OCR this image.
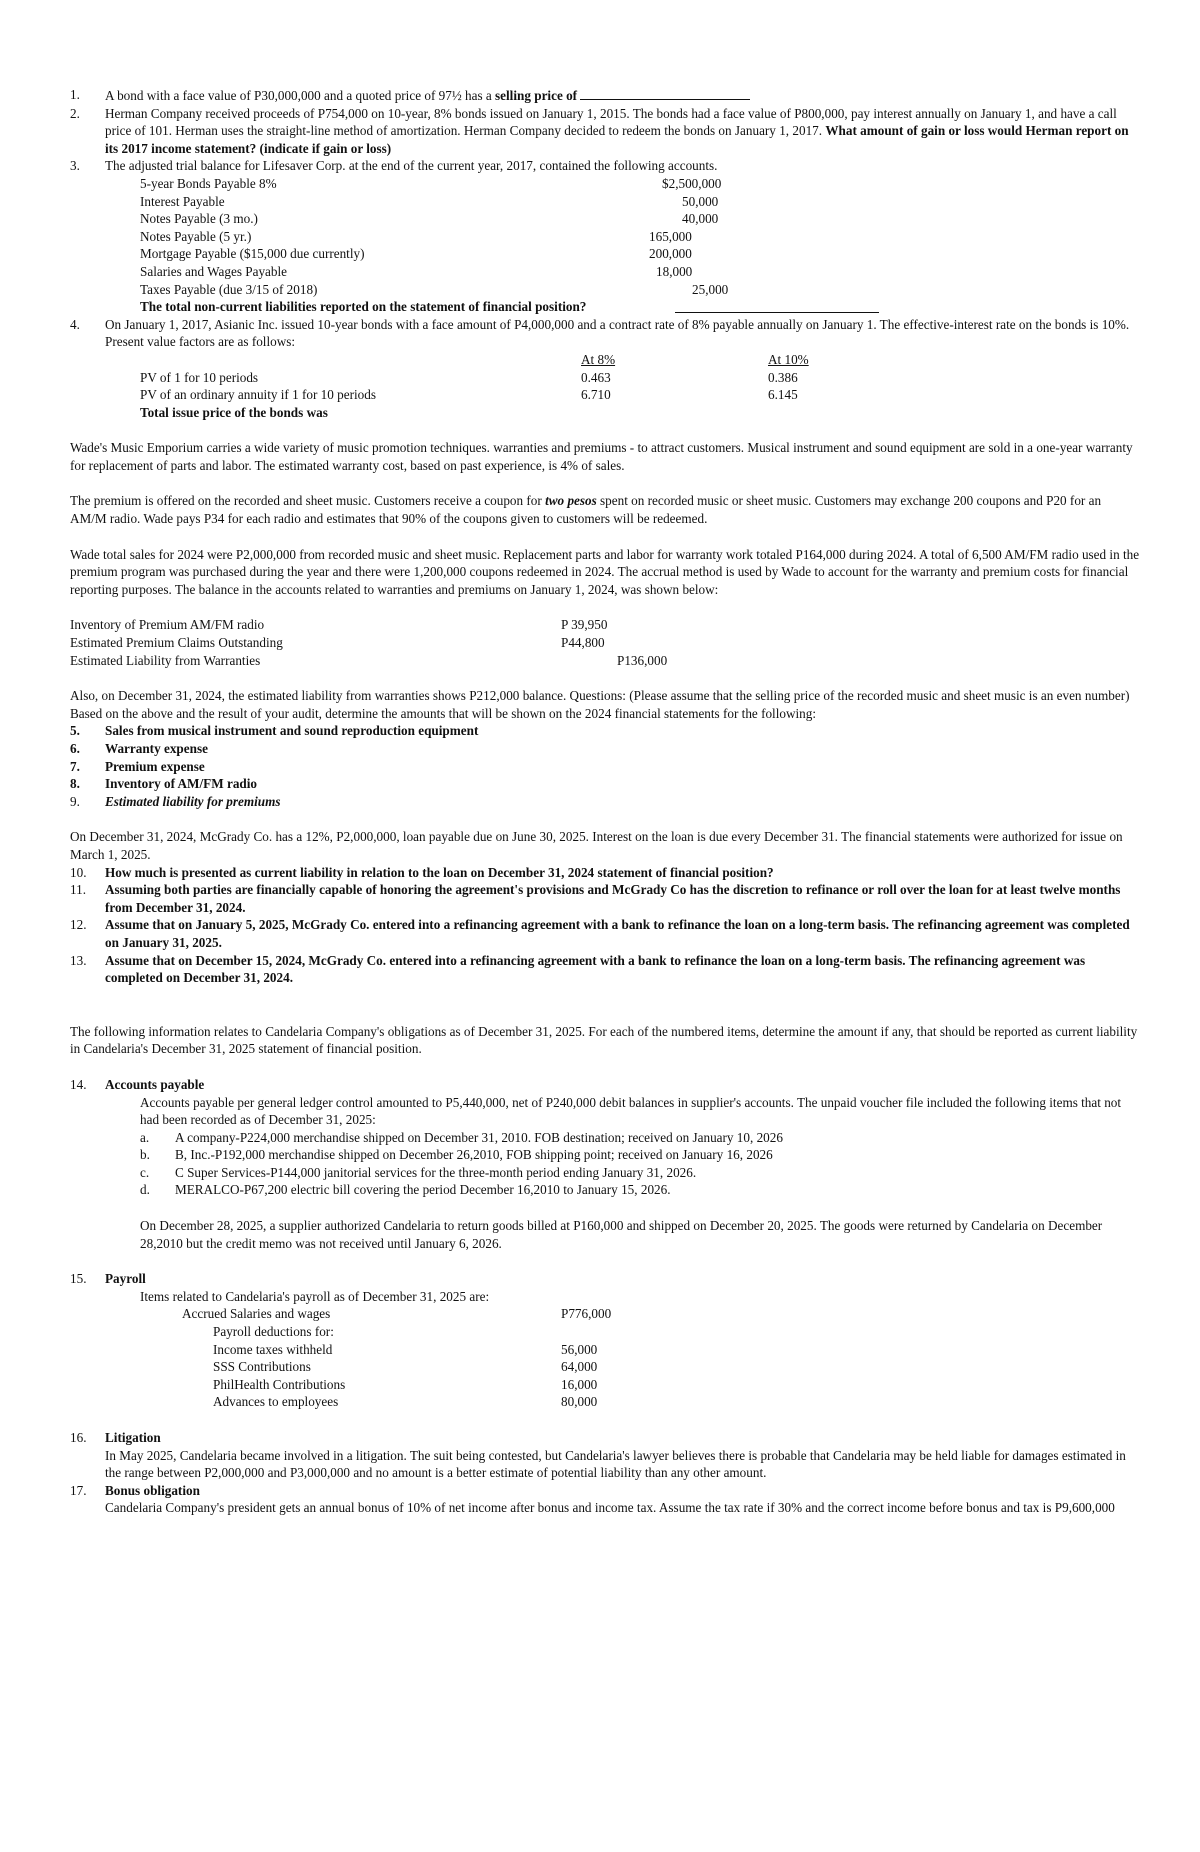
1. A bond with a face value of P30,000,000 and a quoted price of 97½ has a selling price of
2. Herman Company received proceeds of P754,000 on 10-year, 8% bonds issued on January 1, 2015. The bonds had a face value of P800,000, pay interest annually on January 1, and have a call price of 101. Herman uses the straight-line method of amortization. Herman Company decided to redeem the bonds on January 1, 2017. What amount of gain or loss would Herman report on its 2017 income statement? (indicate if gain or loss)
3. The adjusted trial balance for Lifesaver Corp. at the end of the current year, 2017, contained the following accounts.
5-year Bonds Payable 8%	$2,500,000
Interest Payable	50,000
Notes Payable (3 mo.)	40,000
Notes Payable (5 yr.)	165,000
Mortgage Payable ($15,000 due currently)	200,000
Salaries and Wages Payable	18,000
Taxes Payable (due 3/15 of 2018)	25,000
The total non-current liabilities reported on the statement of financial position?
4. On January 1, 2017, Asianic Inc. issued 10-year bonds with a face amount of P4,000,000 and a contract rate of 8% payable annually on January 1. The effective-interest rate on the bonds is 10%. Present value factors are as follows:
At 8%	At 10%
PV of 1 for 10 periods	0.463	0.386
PV of an ordinary annuity if 1 for 10 periods	6.710	6.145
Total issue price of the bonds was
Wade's Music Emporium carries a wide variety of music promotion techniques. warranties and premiums - to attract customers. Musical instrument and sound equipment are sold in a one-year warranty for replacement of parts and labor. The estimated warranty cost, based on past experience, is 4% of sales.
The premium is offered on the recorded and sheet music. Customers receive a coupon for two pesos spent on recorded music or sheet music. Customers may exchange 200 coupons and P20 for an AM/M radio. Wade pays P34 for each radio and estimates that 90% of the coupons given to customers will be redeemed.
Wade total sales for 2024 were P2,000,000 from recorded music and sheet music. Replacement parts and labor for warranty work totaled P164,000 during 2024. A total of 6,500 AM/FM radio used in the premium program was purchased during the year and there were 1,200,000 coupons redeemed in 2024. The accrual method is used by Wade to account for the warranty and premium costs for financial reporting purposes. The balance in the accounts related to warranties and premiums on January 1, 2024, was shown below:
Inventory of Premium AM/FM radio	P 39,950
Estimated Premium Claims Outstanding	P44,800
Estimated Liability from Warranties	P136,000
Also, on December 31, 2024, the estimated liability from warranties shows P212,000 balance. Questions: (Please assume that the selling price of the recorded music and sheet music is an even number)
Based on the above and the result of your audit, determine the amounts that will be shown on the 2024 financial statements for the following:
5. Sales from musical instrument and sound reproduction equipment
6. Warranty expense
7. Premium expense
8. Inventory of AM/FM radio
9. Estimated liability for premiums
On December 31, 2024, McGrady Co. has a 12%, P2,000,000, loan payable due on June 30, 2025. Interest on the loan is due every December 31. The financial statements were authorized for issue on March 1, 2025.
10. How much is presented as current liability in relation to the loan on December 31, 2024 statement of financial position?
11. Assuming both parties are financially capable of honoring the agreement's provisions and McGrady Co has the discretion to refinance or roll over the loan for at least twelve months from December 31, 2024.
12. Assume that on January 5, 2025, McGrady Co. entered into a refinancing agreement with a bank to refinance the loan on a long-term basis. The refinancing agreement was completed on January 31, 2025.
13. Assume that on December 15, 2024, McGrady Co. entered into a refinancing agreement with a bank to refinance the loan on a long-term basis. The refinancing agreement was completed on December 31, 2024.
The following information relates to Candelaria Company's obligations as of December 31, 2025. For each of the numbered items, determine the amount if any, that should be reported as current liability in Candelaria's December 31, 2025 statement of financial position.
14. Accounts payable
Accounts payable per general ledger control amounted to P5,440,000, net of P240,000 debit balances in supplier's accounts. The unpaid voucher file included the following items that not had been recorded as of December 31, 2025:
a. A company-P224,000 merchandise shipped on December 31, 2010. FOB destination; received on January 10, 2026
b. B, Inc.-P192,000 merchandise shipped on December 26,2010, FOB shipping point; received on January 16, 2026
c. C Super Services-P144,000 janitorial services for the three-month period ending January 31, 2026.
d. MERALCO-P67,200 electric bill covering the period December 16,2010 to January 15, 2026.
On December 28, 2025, a supplier authorized Candelaria to return goods billed at P160,000 and shipped on December 20, 2025. The goods were returned by Candelaria on December 28,2010 but the credit memo was not received until January 6, 2026.
15. Payroll
Items related to Candelaria's payroll as of December 31, 2025 are:
Accrued Salaries and wages	P776,000
Payroll deductions for:
Income taxes withheld	56,000
SSS Contributions	64,000
PhilHealth Contributions	16,000
Advances to employees	80,000
16. Litigation
In May 2025, Candelaria became involved in a litigation. The suit being contested, but Candelaria's lawyer believes there is probable that Candelaria may be held liable for damages estimated in the range between P2,000,000 and P3,000,000 and no amount is a better estimate of potential liability than any other amount.
17. Bonus obligation
Candelaria Company's president gets an annual bonus of 10% of net income after bonus and income tax. Assume the tax rate if 30% and the correct income before bonus and tax is P9,600,000
